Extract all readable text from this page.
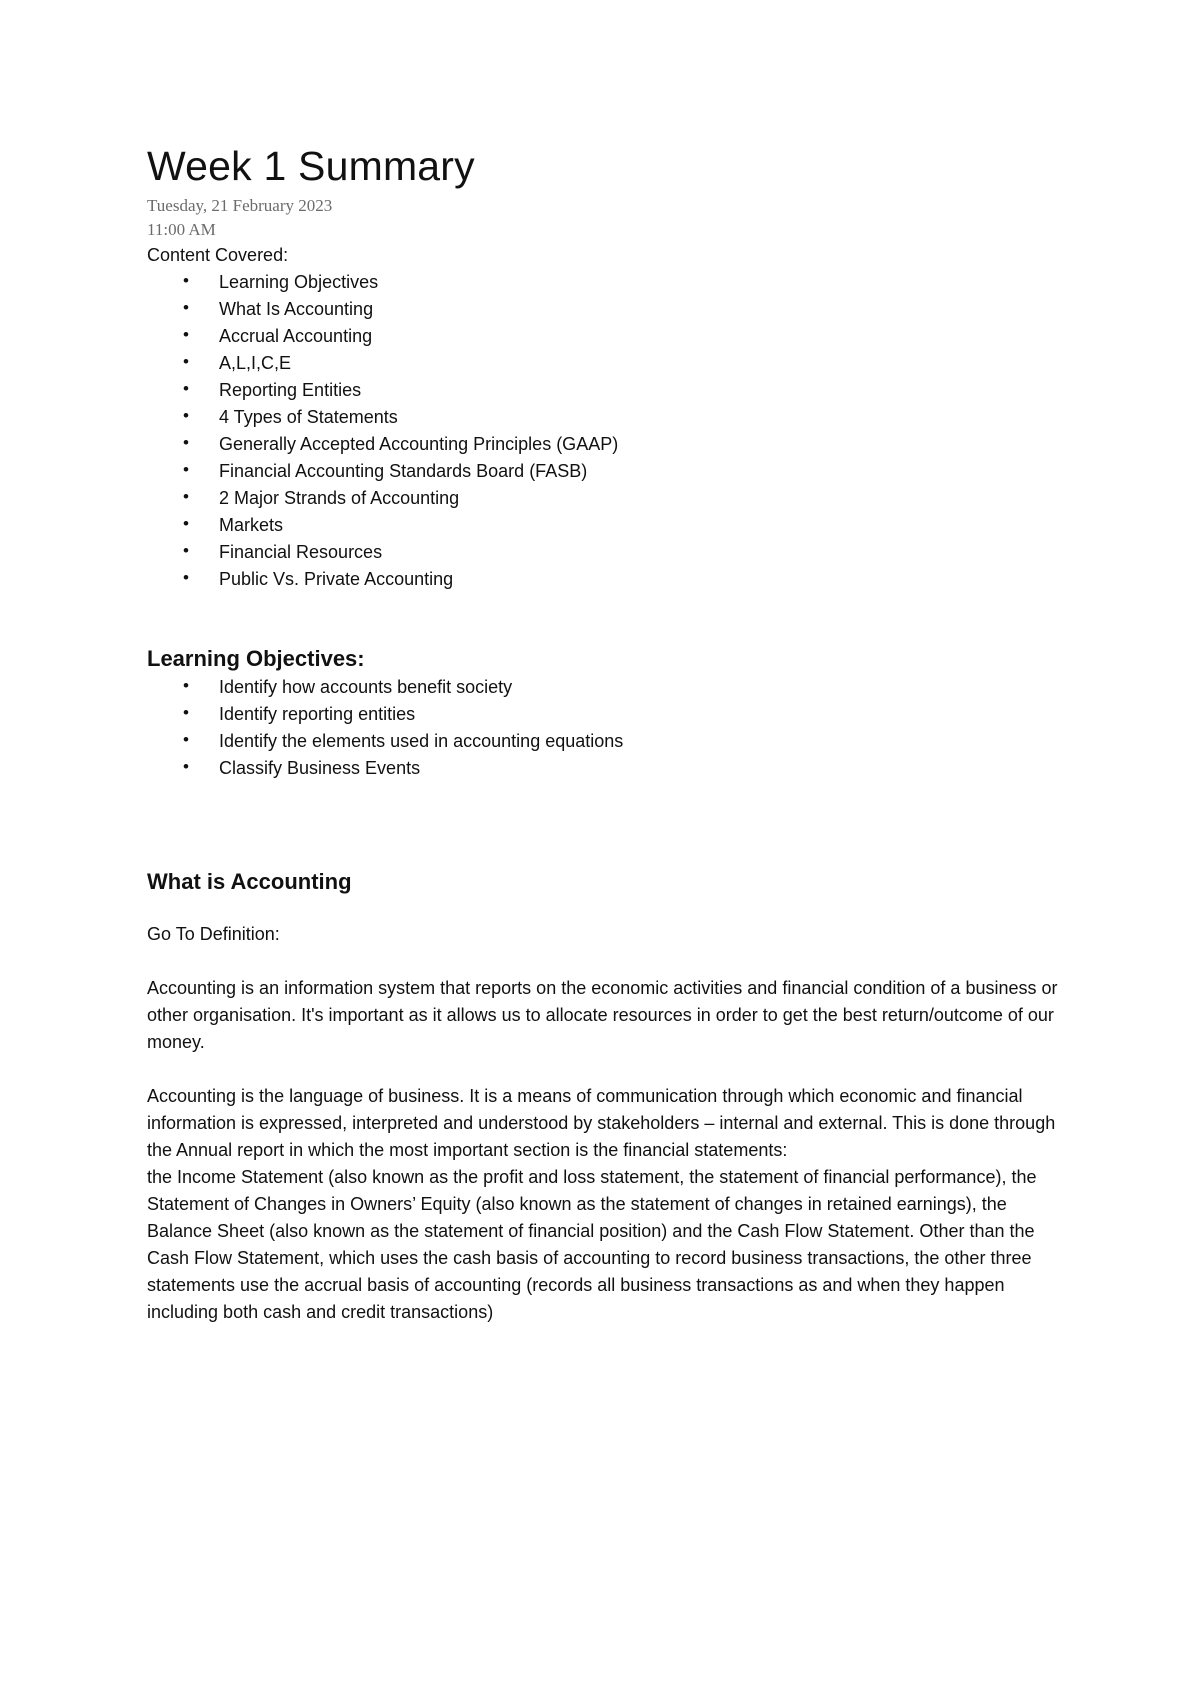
Week 1 Summary

Tuesday, 21 February 2023

11:00 AM

Content Covered:

• Learning Objectives
• What Is Accounting
• Accrual Accounting
• A,L,I,C,E
• Reporting Entities
• 4 Types of Statements
• Generally Accepted Accounting Principles (GAAP)
• Financial Accounting Standards Board (FASB)
• 2 Major Strands of Accounting
• Markets
• Financial Resources
• Public Vs. Private Accounting
Learning Objectives:
• Identify how accounts benefit society
• Identify reporting entities
• Identify the elements used in accounting equations
• Classify Business Events
What is Accounting

Go To Definition:

Accounting is an information system that reports on the economic activities and financial condition of a business or other organisation. It's important as it allows us to allocate resources in order to get the best return/outcome of our money.

Accounting is the language of business. It is a means of communication through which economic and financial information is expressed, interpreted and understood by stakeholders – internal and external. This is done through the Annual report in which the most important section is the financial statements:

the Income Statement (also known as the profit and loss statement, the statement of financial performance), the Statement of Changes in Owners’ Equity (also known as the statement of changes in retained earnings), the Balance Sheet (also known as the statement of financial position) and the Cash Flow Statement. Other than the Cash Flow Statement, which uses the cash basis of accounting to record business transactions, the other three statements use the accrual basis of accounting (records all business transactions as and when they happen including both cash and credit transactions)
